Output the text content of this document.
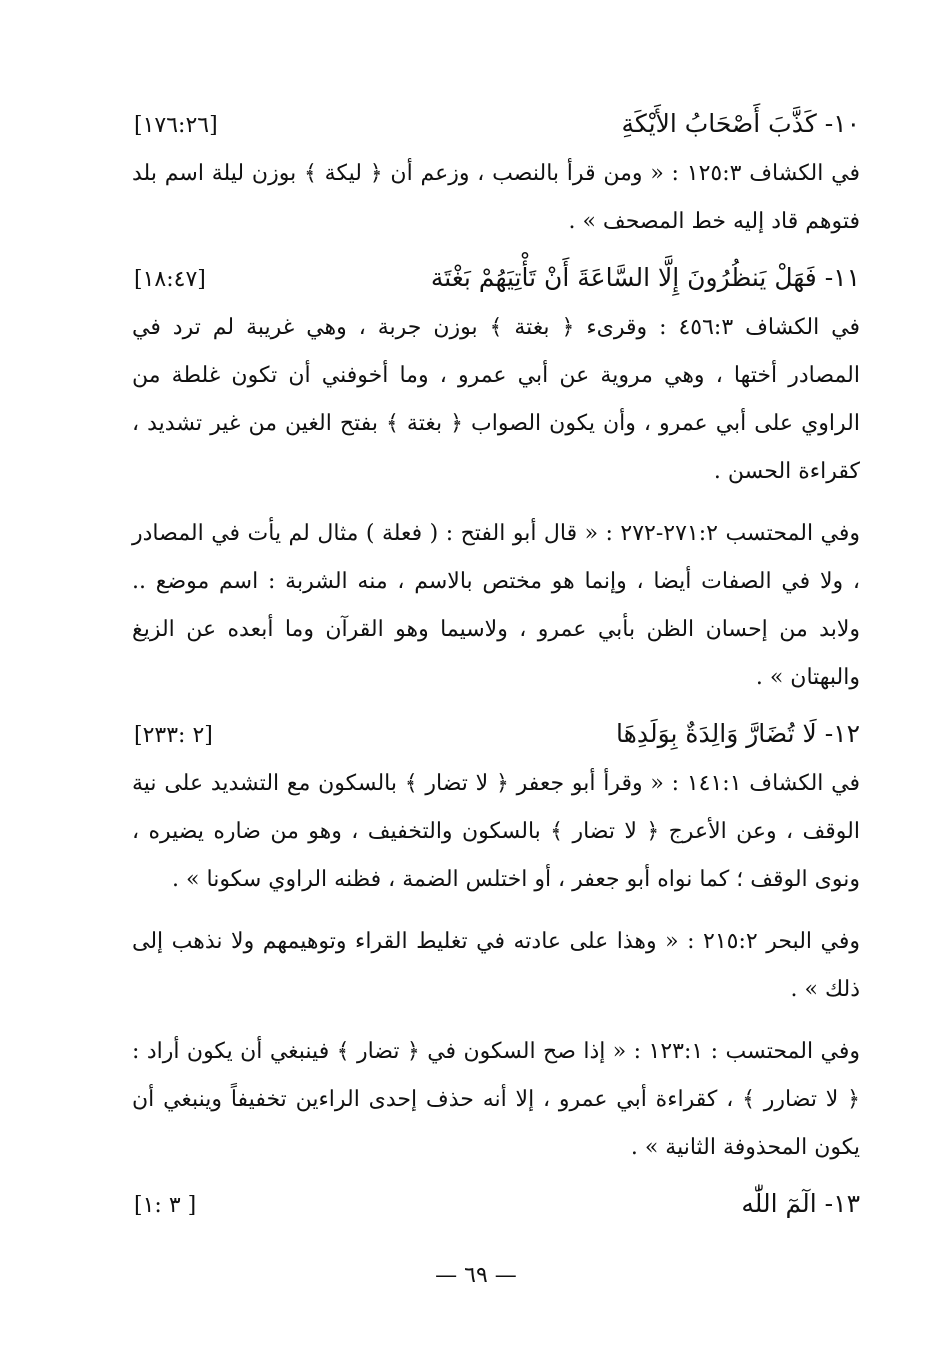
١٠- كَذَّبَ أَصْحَابُ الأَيْكَةِ
[١٧٦:٢٦]

في الكشاف ١٢٥:٣ : « ومن قرأ بالنصب ، وزعم أن ﴿ ليكة ﴾ بوزن ليلة اسم بلد فتوهم قاد إليه خط المصحف » .

١١- فَهَلْ يَنظُرُونَ إِلَّا السَّاعَةَ أَنْ تَأْتِيَهُمْ بَغْتَة
[١٨:٤٧]

في الكشاف ٤٥٦:٣ : وقرىء ﴿ بغتة ﴾ بوزن جربة ، وهي غريبة لم ترد في المصادر أختها ، وهي مروية عن أبي عمرو ، وما أخوفني أن تكون غلطة من الراوي على أبي عمرو ، وأن يكون الصواب ﴿ بغتة ﴾ بفتح الغين من غير تشديد ، كقراءة الحسن .

وفي المحتسب ٢٧١:٢-٢٧٢ : « قال أبو الفتح : ( فعلة ) مثال لم يأت في المصادر ، ولا في الصفات أيضا ، وإنما هو مختص بالاسم ، منه الشربة : اسم موضع .. ولابد من إحسان الظن بأبي عمرو ، ولاسيما وهو القرآن وما أبعده عن الزيغ والبهتان » .

١٢- لَا تُضَارَّ وَالِدَةٌ بِوَلَدِهَا
[٢ :٢٣٣]

في الكشاف ١٤١:١ : « وقرأ أبو جعفر ﴿ لا تضار ﴾ بالسكون مع التشديد على نية الوقف ، وعن الأعرج ﴿ لا تضار ﴾ بالسكون والتخفيف ، وهو من ضاره يضيره ، ونوى الوقف ؛ كما نواه أبو جعفر ، أو اختلس الضمة ، فظنه الراوي سكونا » .

وفي البحر ٢١٥:٢ : « وهذا على عادته في تغليط القراء وتوهيمهم ولا نذهب إلى ذلك » .

وفي المحتسب : ١٢٣:١ : « إذا صح السكون في ﴿ تضار ﴾ فينبغي أن يكون أراد : ﴿ لا تضارر ﴾ ، كقراءة أبي عمرو ، إلا أنه حذف إحدى الراءين تخفيفاً وينبغي أن يكون المحذوفة الثانية » .

١٣- الٓمٓ اللّٰه
[٣ :١ ]
— ٦٩ —
